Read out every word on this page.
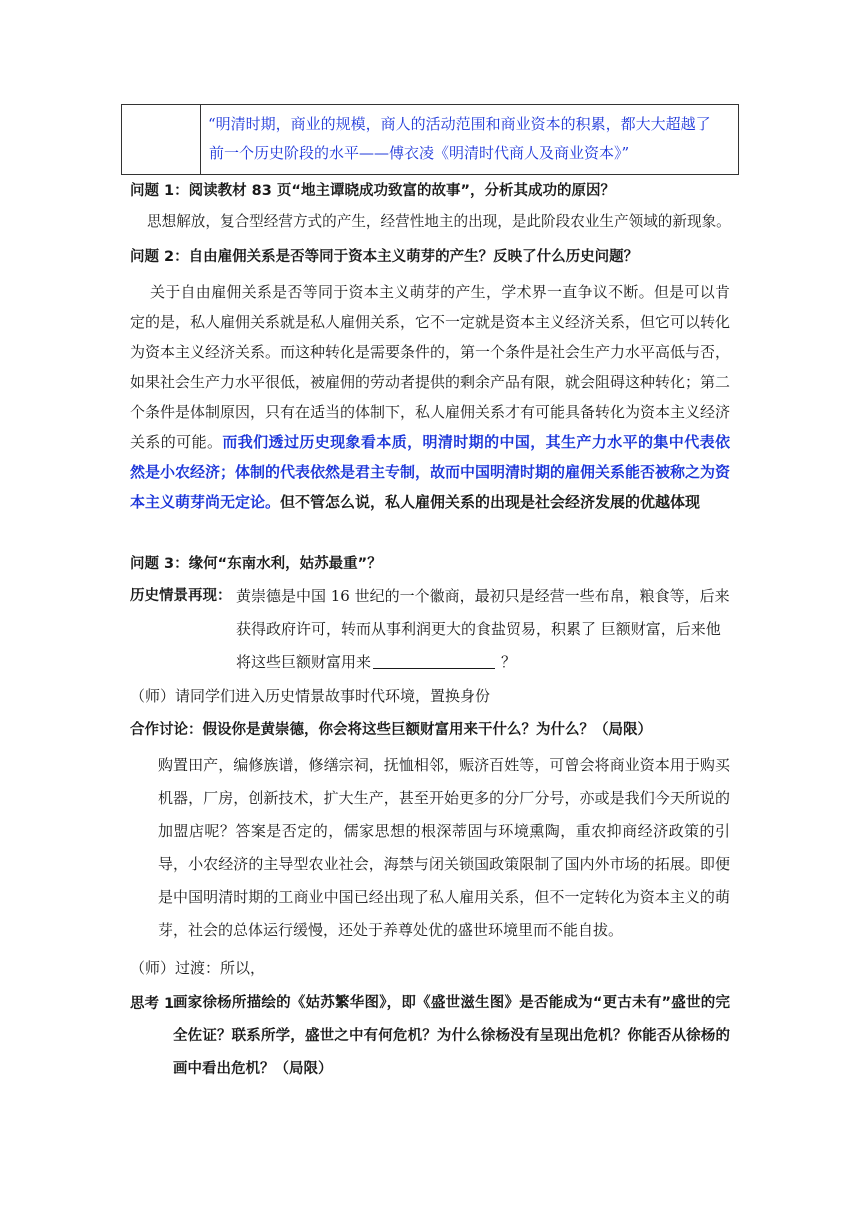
“明清时期，商业的规模，商人的活动范围和商业资本的积累，都大大超越了
前一个历史阶段的水平——傅衣凌《明清时代商人及商业资本》”
问题 1：阅读教材 83 页“地主谭晓成功致富的故事”，分析其成功的原因？
思想解放，复合型经营方式的产生，经营性地主的出现，是此阶段农业生产领域的新现象。
问题 2：自由雇佣关系是否等同于资本主义萌芽的产生？反映了什么历史问题？
关于自由雇佣关系是否等同于资本主义萌芽的产生，学术界一直争议不断。但是可以肯定的是，私人雇佣关系就是私人雇佣关系，它不一定就是资本主义经济关系，但它可以转化为资本主义经济关系。而这种转化是需要条件的，第一个条件是社会生产力水平高低与否，如果社会生产力水平很低，被雇佣的劳动者提供的剩余产品有限，就会阻碍这种转化；第二个条件是体制原因，只有在适当的体制下，私人雇佣关系才有可能具备转化为资本主义经济关系的可能。而我们透过历史现象看本质，明清时期的中国，其生产力水平的集中代表依然是小农经济；体制的代表依然是君主专制，故而中国明清时期的雇佣关系能否被称之为资本主义萌芽尚无定论。但不管怎么说，私人雇佣关系的出现是社会经济发展的优越体现
问题 3：缘何“东南水利，姑苏最重”？
历史情景再现： 黄崇德是中国 16 世纪的一个徽商，最初只是经营一些布帛，粮食等，后来
获得政府许可，转而从事利润更大的食盐贸易，积累了 巨额财富，后来他
将这些巨额财富用来	？
（师）请同学们进入历史情景故事时代环境，置换身份
合作讨论：假设你是黄崇德，你会将这些巨额财富用来干什么？为什么？（局限）
购置田产，编修族谱，修缮宗祠，抚恤相邻，赈济百姓等，可曾会将商业资本用于购买机器，厂房，创新技术，扩大生产，甚至开始更多的分厂分号，亦或是我们今天所说的加盟店呢？答案是否定的，儒家思想的根深蒂固与环境熏陶，重农抑商经济政策的引导，小农经济的主导型农业社会，海禁与闭关锁国政策限制了国内外市场的拓展。即便是中国明清时期的工商业中国已经出现了私人雇用关系，但不一定转化为资本主义的萌芽，社会的总体运行缓慢，还处于养尊处优的盛世环境里而不能自拔。
（师）过渡：所以，
思考 1：
画家徐杨所描绘的《姑苏繁华图》，即《盛世滋生图》是否能成为“更古未有”盛世的完全佐证？联系所学，盛世之中有何危机？为什么徐杨没有呈现出危机？你能否从徐杨的画中看出危机？（局限）
